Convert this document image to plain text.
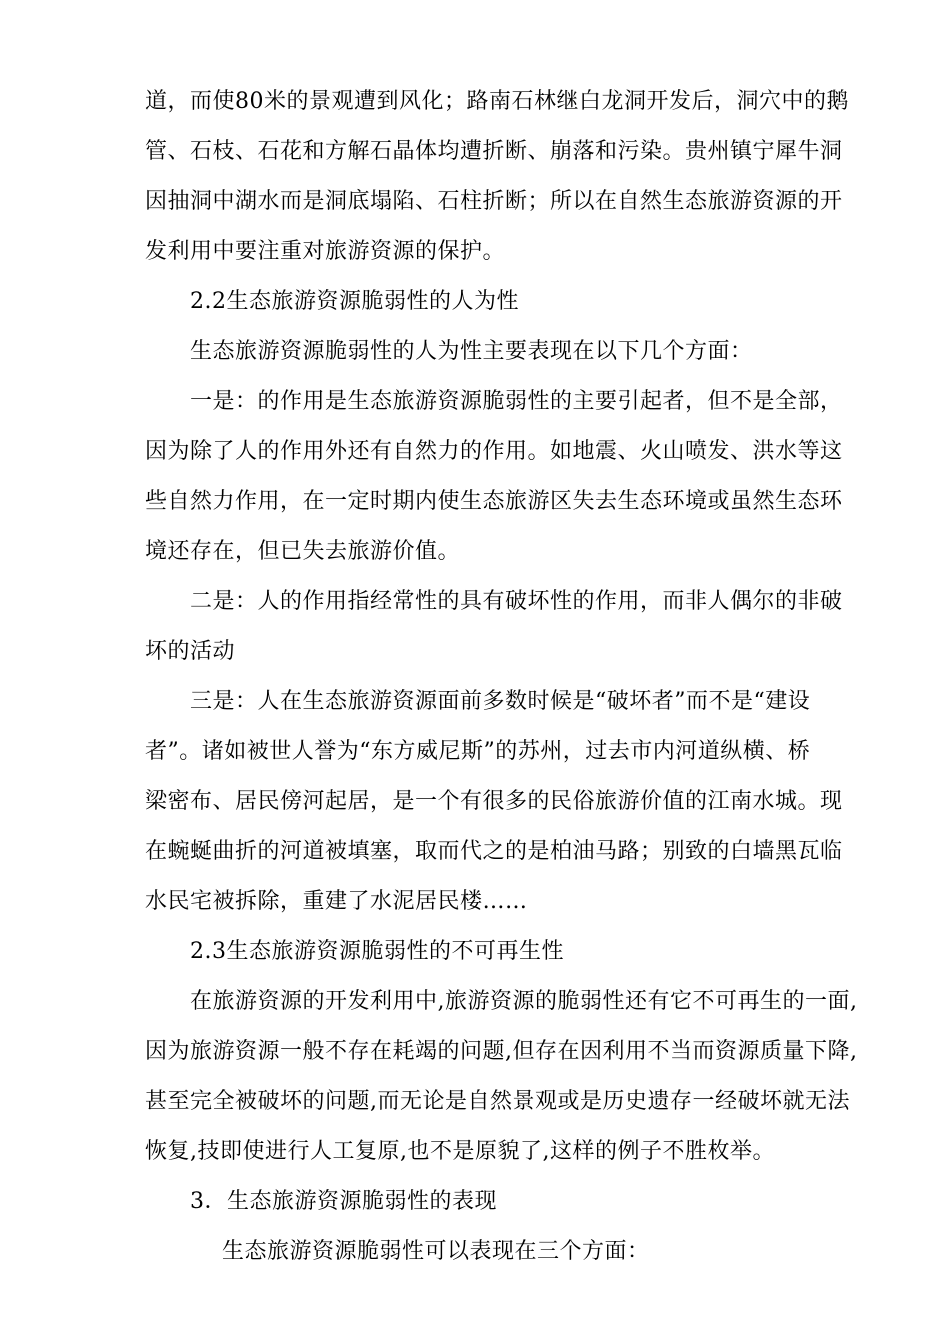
道，而使80米的景观遭到风化；路南石林继白龙洞开发后，洞穴中的鹅
管、石枝、石花和方解石晶体均遭折断、崩落和污染。贵州镇宁犀牛洞
因抽洞中湖水而是洞底塌陷、石柱折断；所以在自然生态旅游资源的开
发利用中要注重对旅游资源的保护。
2.2生态旅游资源脆弱性的人为性
生态旅游资源脆弱性的人为性主要表现在以下几个方面：
一是：的作用是生态旅游资源脆弱性的主要引起者，但不是全部，
因为除了人的作用外还有自然力的作用。如地震、火山喷发、洪水等这
些自然力作用，在一定时期内使生态旅游区失去生态环境或虽然生态环
境还存在，但已失去旅游价值。
二是：人的作用指经常性的具有破坏性的作用，而非人偶尔的非破
坏的活动
三是：人在生态旅游资源面前多数时候是“破坏者”而不是“建设
者”。诸如被世人誉为“东方威尼斯”的苏州，过去市内河道纵横、桥
梁密布、居民傍河起居，是一个有很多的民俗旅游价值的江南水城。现
在蜿蜒曲折的河道被填塞，取而代之的是柏油马路；别致的白墙黑瓦临
水民宅被拆除，重建了水泥居民楼……
2.3生态旅游资源脆弱性的不可再生性
在旅游资源的开发利用中,旅游资源的脆弱性还有它不可再生的一面,
因为旅游资源一般不存在耗竭的问题,但存在因利用不当而资源质量下降,
甚至完全被破坏的问题,而无论是自然景观或是历史遗存一经破坏就无法
恢复,技即使进行人工复原,也不是原貌了,这样的例子不胜枚举。
3．生态旅游资源脆弱性的表现
生态旅游资源脆弱性可以表现在三个方面：
